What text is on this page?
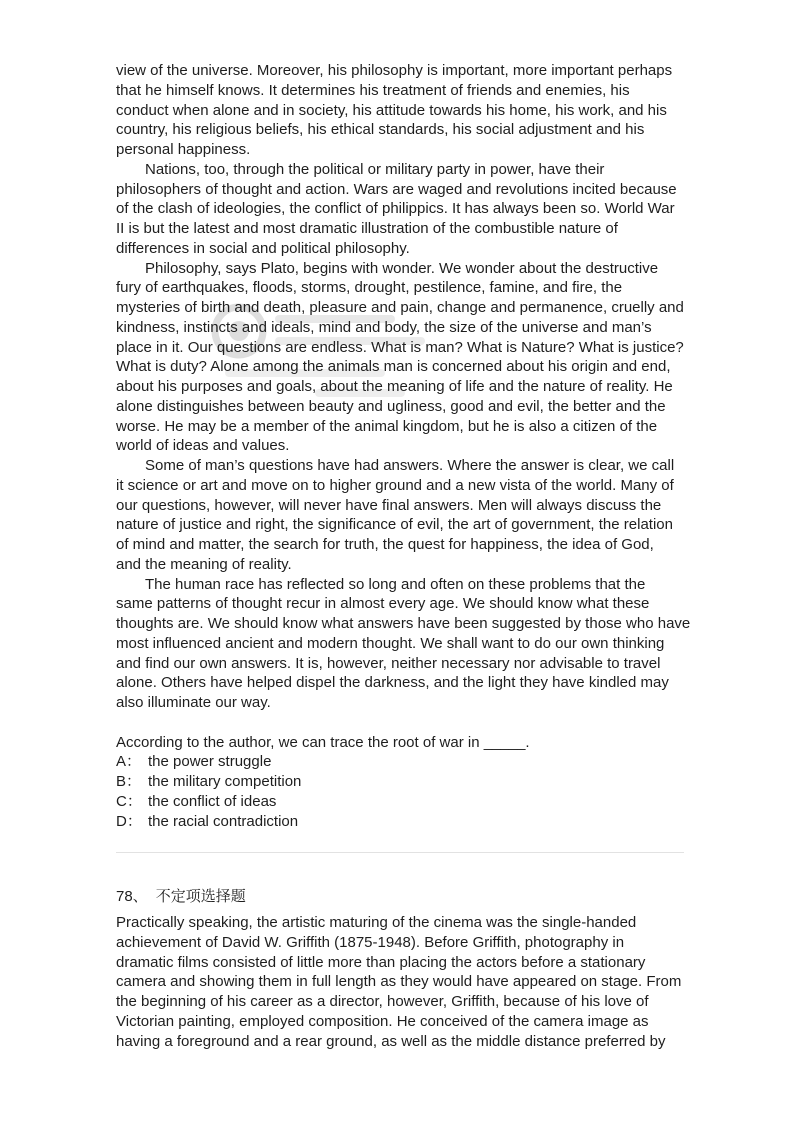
view of the universe. Moreover, his philosophy is important, more important perhaps
that he himself knows. It determines his treatment of friends and enemies, his
conduct when alone and in society, his attitude towards his home, his work, and his
country, his religious beliefs, his ethical standards, his social adjustment and his
personal happiness.
Nations, too, through the political or military party in power, have their
philosophers of thought and action. Wars are waged and revolutions incited because
of the clash of ideologies, the conflict of philippics. It has always been so. World War
II is but the latest and most dramatic illustration of the combustible nature of
differences in social and political philosophy.
Philosophy, says Plato, begins with wonder. We wonder about the destructive
fury of earthquakes, floods, storms, drought, pestilence, famine, and fire, the
mysteries of birth and death, pleasure and pain, change and permanence, cruelly and
kindness, instincts and ideals, mind and body, the size of the universe and man’s
place in it. Our questions are endless. What is man? What is Nature? What is justice?
What is duty? Alone among the animals man is concerned about his origin and end,
about his purposes and goals, about the meaning of life and the nature of reality. He
alone distinguishes between beauty and ugliness, good and evil, the better and the
worse. He may be a member of the animal kingdom, but he is also a citizen of the
world of ideas and values.
Some of man’s questions have had answers. Where the answer is clear, we call
it science or art and move on to higher ground and a new vista of the world. Many of
our questions, however, will never have final answers. Men will always discuss the
nature of justice and right, the significance of evil, the art of government, the relation
of mind and matter, the search for truth, the quest for happiness, the idea of God,
and the meaning of reality.
The human race has reflected so long and often on these problems that the
same patterns of thought recur in almost every age. We should know what these
thoughts are. We should know what answers have been suggested by those who have
most influenced ancient and modern thought. We shall want to do our own thinking
and find our own answers. It is, however, neither necessary nor advisable to travel
alone. Others have helped dispel the darkness, and the light they have kindled may
also illuminate our way.
According to the author, we can trace the root of war in _____.
A： the power struggle
B： the military competition
C： the conflict of ideas
D： the racial contradiction
78、 不定项选择题
Practically speaking, the artistic maturing of the cinema was the single-handed
achievement of David W. Griffith (1875-1948). Before Griffith, photography in
dramatic films consisted of little more than placing the actors before a stationary
camera and showing them in full length as they would have appeared on stage. From
the beginning of his career as a director, however, Griffith, because of his love of
Victorian painting, employed composition. He conceived of the camera image as
having a foreground and a rear ground, as well as the middle distance preferred by
